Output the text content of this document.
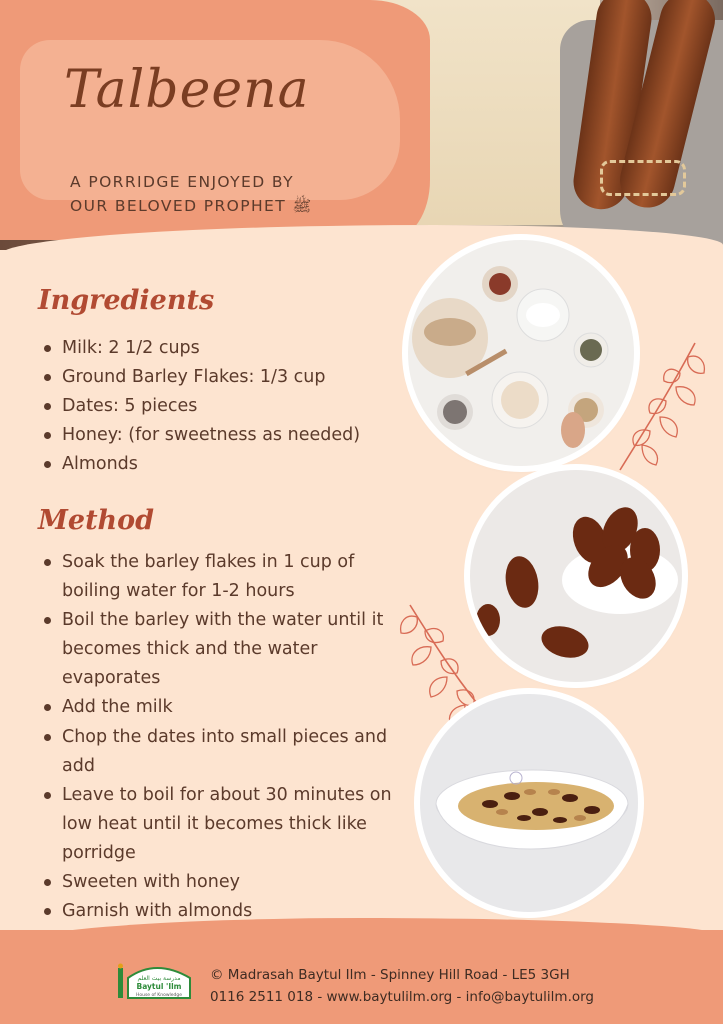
Talbeena
A PORRIDGE ENJOYED BY
OUR BELOVED PROPHET ﷺ
Ingredients
Milk: 2 1/2 cups
Ground Barley Flakes: 1/3 cup
Dates: 5 pieces
Honey: (for sweetness as needed)
Almonds
Method
Soak the barley flakes in 1 cup of boiling water for 1-2 hours
Boil the barley with the water until it becomes thick and the water evaporates
Add the milk
Chop the dates into small pieces and add
Leave to boil for about 30 minutes on low heat until it becomes thick like porridge
Sweeten with honey
Garnish with almonds
مدرسة بيت العلم
Baytul 'Ilm
House of Knowledge
© Madrasah Baytul Ilm - Spinney Hill Road - LE5 3GH
0116 2511 018 - www.baytulilm.org - info@baytulilm.org
